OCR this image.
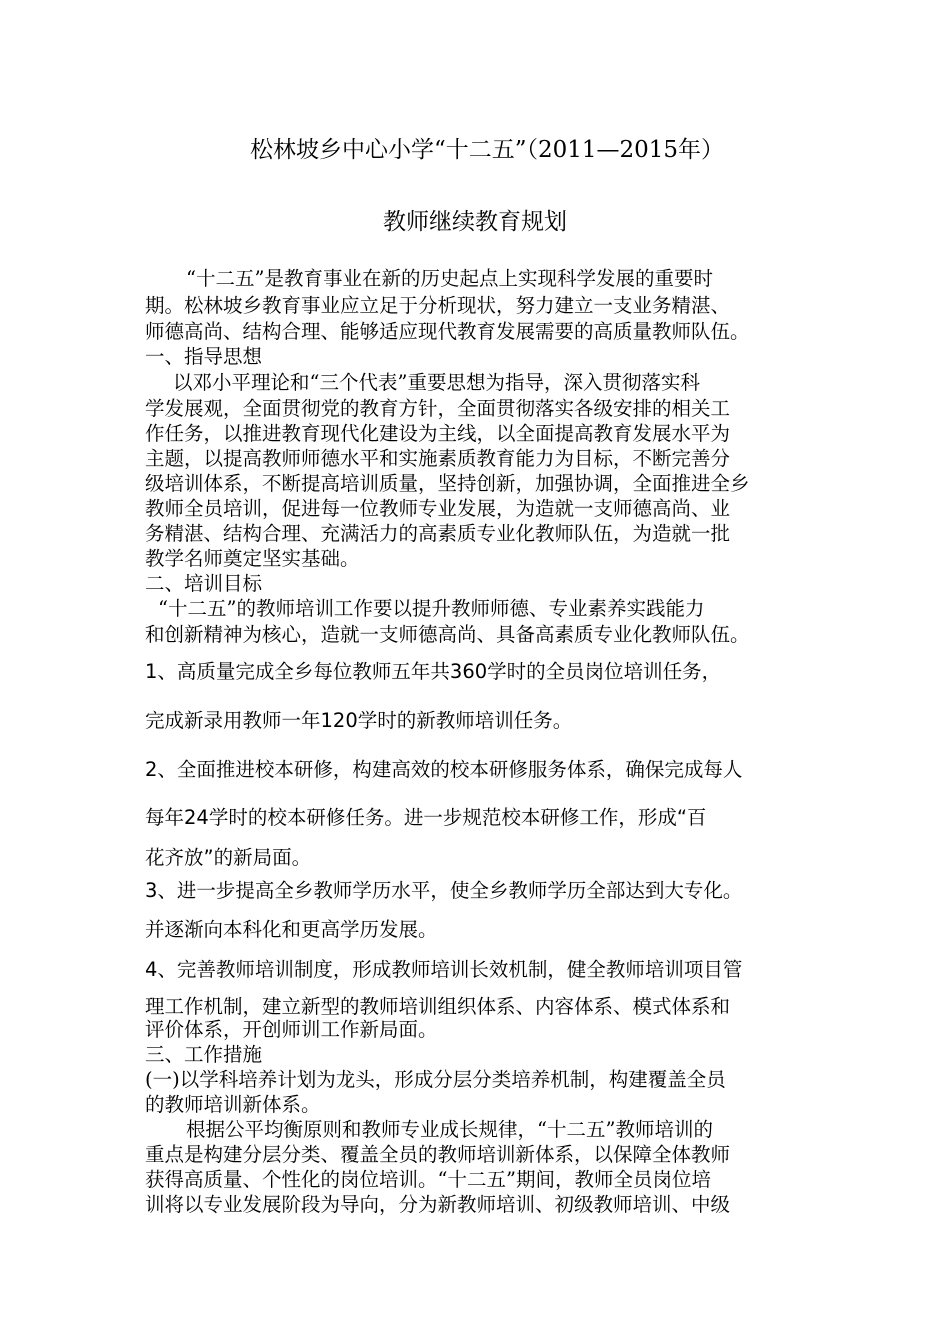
松林坡乡中心小学“十二五”（2011—2015年）
教师继续教育规划
“十二五”是教育事业在新的历史起点上实现科学发展的重要时
期。松林坡乡教育事业应立足于分析现状，努力建立一支业务精湛、
师德高尚、结构合理、能够适应现代教育发展需要的高质量教师队伍。
一、指导思想
以邓小平理论和“三个代表”重要思想为指导，深入贯彻落实科
学发展观，全面贯彻党的教育方针，全面贯彻落实各级安排的相关工
作任务，以推进教育现代化建设为主线，以全面提高教育发展水平为
主题，以提高教师师德水平和实施素质教育能力为目标，不断完善分
级培训体系，不断提高培训质量，坚持创新，加强协调，全面推进全乡
教师全员培训，促进每一位教师专业发展，为造就一支师德高尚、业
务精湛、结构合理、充满活力的高素质专业化教师队伍，为造就一批
教学名师奠定坚实基础。
二、培训目标
“十二五”的教师培训工作要以提升教师师德、专业素养实践能力
和创新精神为核心，造就一支师德高尚、具备高素质专业化教师队伍。
1、高质量完成全乡每位教师五年共360学时的全员岗位培训任务，
完成新录用教师一年120学时的新教师培训任务。
2、全面推进校本研修，构建高效的校本研修服务体系，确保完成每人
每年24学时的校本研修任务。进一步规范校本研修工作，形成“百
花齐放”的新局面。
3、进一步提高全乡教师学历水平，使全乡教师学历全部达到大专化。
并逐渐向本科化和更高学历发展。
4、完善教师培训制度，形成教师培训长效机制，健全教师培训项目管
理工作机制，建立新型的教师培训组织体系、内容体系、模式体系和
评价体系，开创师训工作新局面。
三、工作措施
(一)以学科培养计划为龙头，形成分层分类培养机制，构建覆盖全员
的教师培训新体系。
根据公平均衡原则和教师专业成长规律，“十二五”教师培训的
重点是构建分层分类、覆盖全员的教师培训新体系，以保障全体教师
获得高质量、个性化的岗位培训。“十二五”期间，教师全员岗位培
训将以专业发展阶段为导向，分为新教师培训、初级教师培训、中级
